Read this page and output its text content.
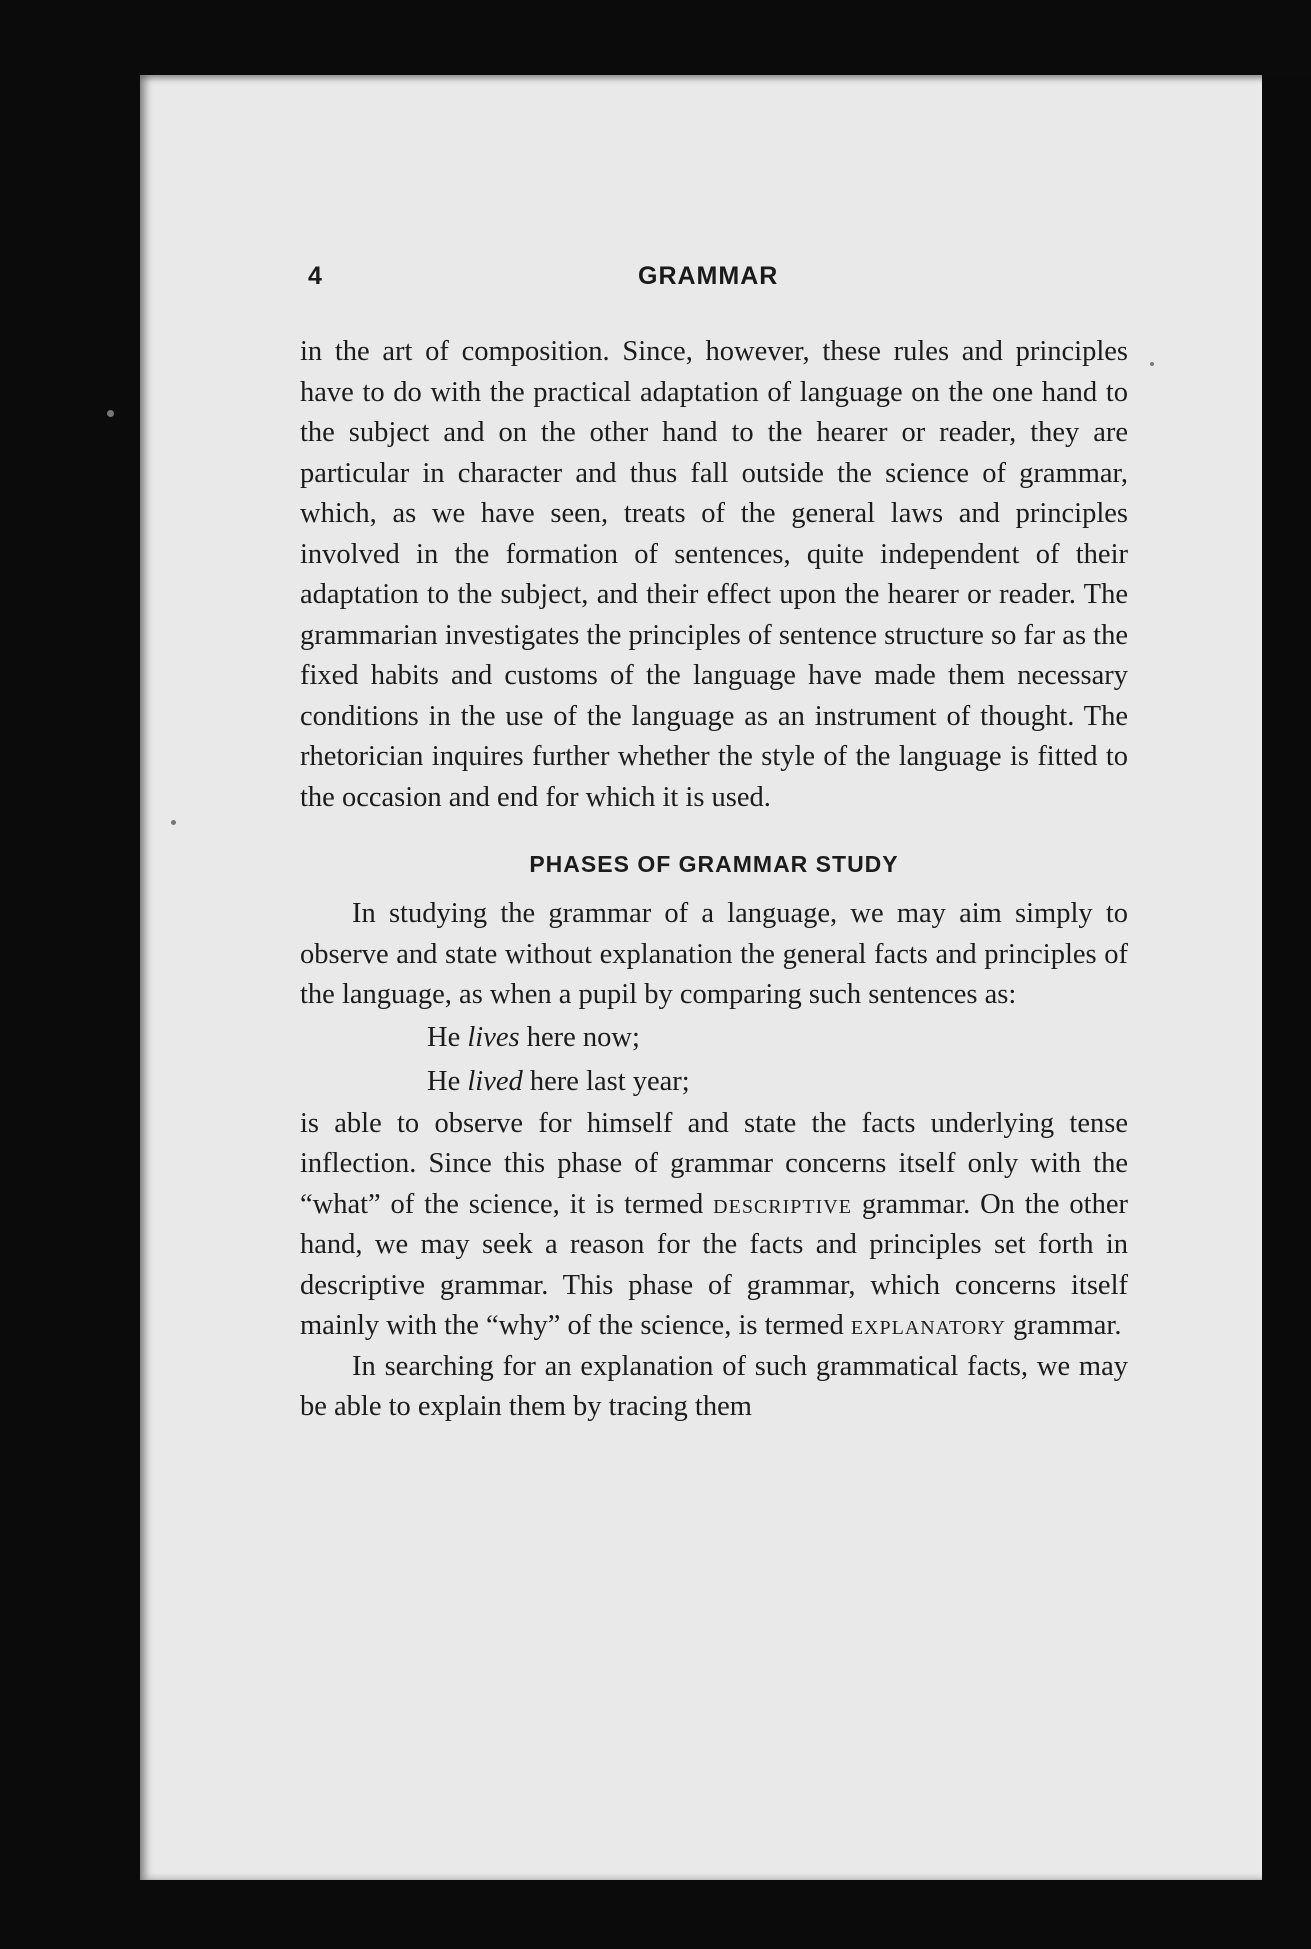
4	GRAMMAR

in the art of composition. Since, however, these rules and principles have to do with the practical adaptation of language on the one hand to the subject and on the other hand to the hearer or reader, they are particular in character and thus fall outside the science of grammar, which, as we have seen, treats of the general laws and principles involved in the formation of sentences, quite independent of their adaptation to the subject, and their effect upon the hearer or reader. The grammarian investigates the principles of sentence structure so far as the fixed habits and customs of the language have made them necessary conditions in the use of the language as an instrument of thought. The rhetorician inquires further whether the style of the language is fitted to the occasion and end for which it is used.

PHASES OF GRAMMAR STUDY

In studying the grammar of a language, we may aim simply to observe and state without explanation the general facts and principles of the language, as when a pupil by comparing such sentences as:

He lives here now;

He lived here last year;

is able to observe for himself and state the facts underlying tense inflection. Since this phase of grammar concerns itself only with the “what” of the science, it is termed descriptive grammar. On the other hand, we may seek a reason for the facts and principles set forth in descriptive grammar. This phase of grammar, which concerns itself mainly with the “why” of the science, is termed explanatory grammar.

In searching for an explanation of such grammatical facts, we may be able to explain them by tracing them
